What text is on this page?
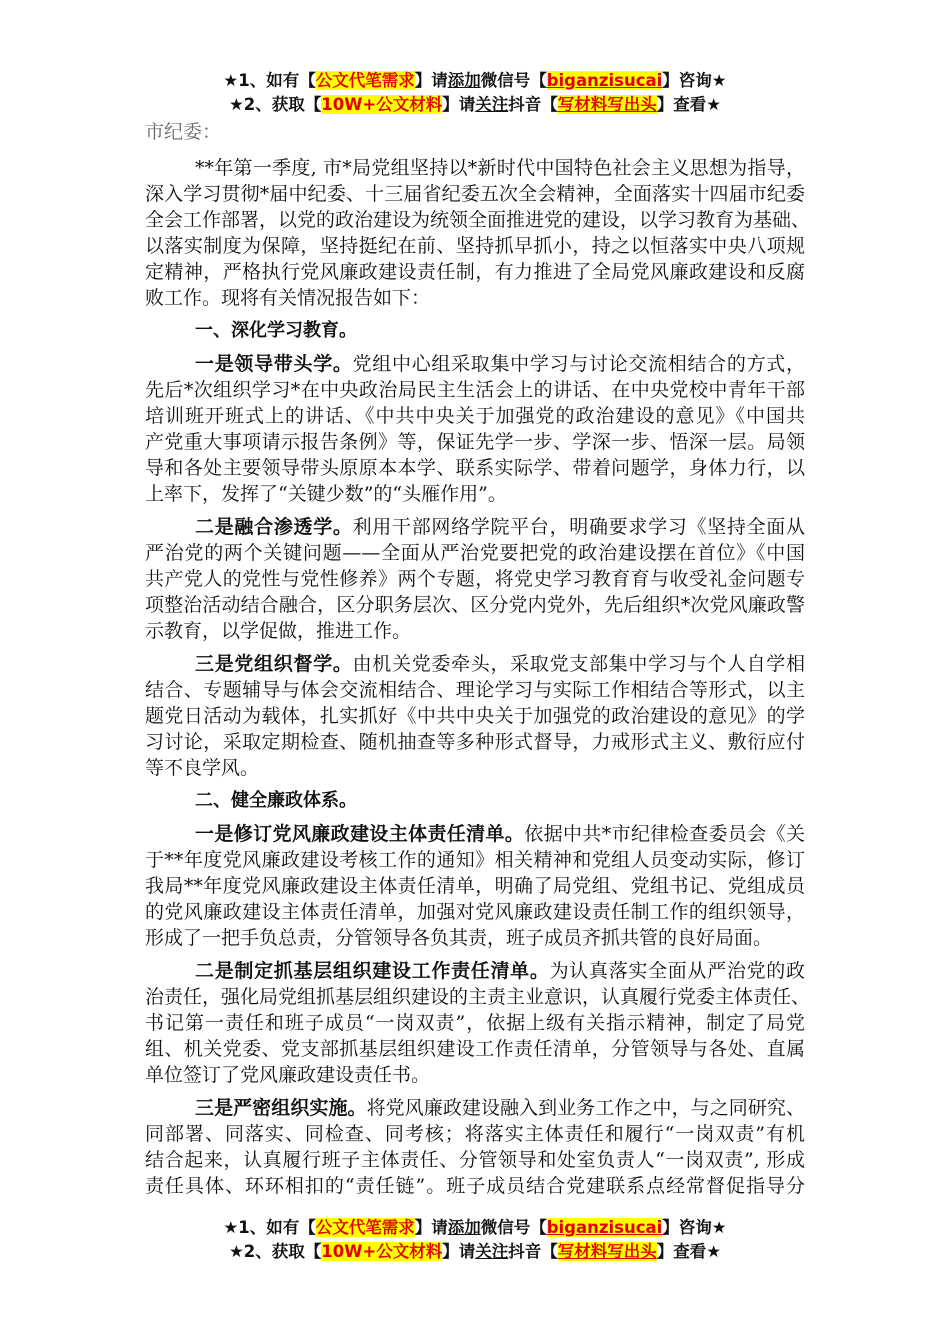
★1、如有【公文代笔需求】请添加微信号【biganzisucai】咨询★
★2、获取【10W+公文材料】请关注抖音【写材料写出头】查看★
市纪委：
**年第一季度, 市*局党组坚持以*新时代中国特色社会主义思想为指导，
深入学习贯彻*届中纪委、十三届省纪委五次全会精神，全面落实十四届市纪委
全会工作部署，以党的政治建设为统领全面推进党的建设，以学习教育为基础、
以落实制度为保障，坚持挺纪在前、坚持抓早抓小，持之以恒落实中央八项规
定精神，严格执行党风廉政建设责任制，有力推进了全局党风廉政建设和反腐
败工作。现将有关情况报告如下：
一、深化学习教育。
一是领导带头学。党组中心组采取集中学习与讨论交流相结合的方式，
先后*次组织学习*在中央政治局民主生活会上的讲话、在中央党校中青年干部
培训班开班式上的讲话、《中共中央关于加强党的政治建设的意见》《中国共
产党重大事项请示报告条例》等，保证先学一步、学深一步、悟深一层。局领
导和各处主要领导带头原原本本学、联系实际学、带着问题学，身体力行，以
上率下，发挥了“关键少数”的“头雁作用”。
二是融合渗透学。利用干部网络学院平台，明确要求学习《坚持全面从
严治党的两个关键问题——全面从严治党要把党的政治建设摆在首位》《中国
共产党人的党性与党性修养》两个专题，将党史学习教育育与收受礼金问题专
项整治活动结合融合，区分职务层次、区分党内党外，先后组织*次党风廉政警
示教育，以学促做，推进工作。
三是党组织督学。由机关党委牵头，采取党支部集中学习与个人自学相
结合、专题辅导与体会交流相结合、理论学习与实际工作相结合等形式，以主
题党日活动为载体，扎实抓好《中共中央关于加强党的政治建设的意见》的学
习讨论，采取定期检查、随机抽查等多种形式督导，力戒形式主义、敷衍应付
等不良学风。
二、健全廉政体系。
一是修订党风廉政建设主体责任清单。依据中共*市纪律检查委员会《关
于**年度党风廉政建设考核工作的通知》相关精神和党组人员变动实际，修订
我局**年度党风廉政建设主体责任清单，明确了局党组、党组书记、党组成员
的党风廉政建设主体责任清单，加强对党风廉政建设责任制工作的组织领导，
形成了一把手负总责，分管领导各负其责，班子成员齐抓共管的良好局面。
二是制定抓基层组织建设工作责任清单。为认真落实全面从严治党的政
治责任，强化局党组抓基层组织建设的主责主业意识，认真履行党委主体责任、
书记第一责任和班子成员“一岗双责”，依据上级有关指示精神，制定了局党
组、机关党委、党支部抓基层组织建设工作责任清单，分管领导与各处、直属
单位签订了党风廉政建设责任书。
三是严密组织实施。将党风廉政建设融入到业务工作之中，与之同研究、
同部署、同落实、同检查、同考核；将落实主体责任和履行“一岗双责”有机
结合起来，认真履行班子主体责任、分管领导和处室负责人“一岗双责”, 形成
责任具体、环环相扣的“责任链”。班子成员结合党建联系点经常督促指导分
★1、如有【公文代笔需求】请添加微信号【biganzisucai】咨询★
★2、获取【10W+公文材料】请关注抖音【写材料写出头】查看★
